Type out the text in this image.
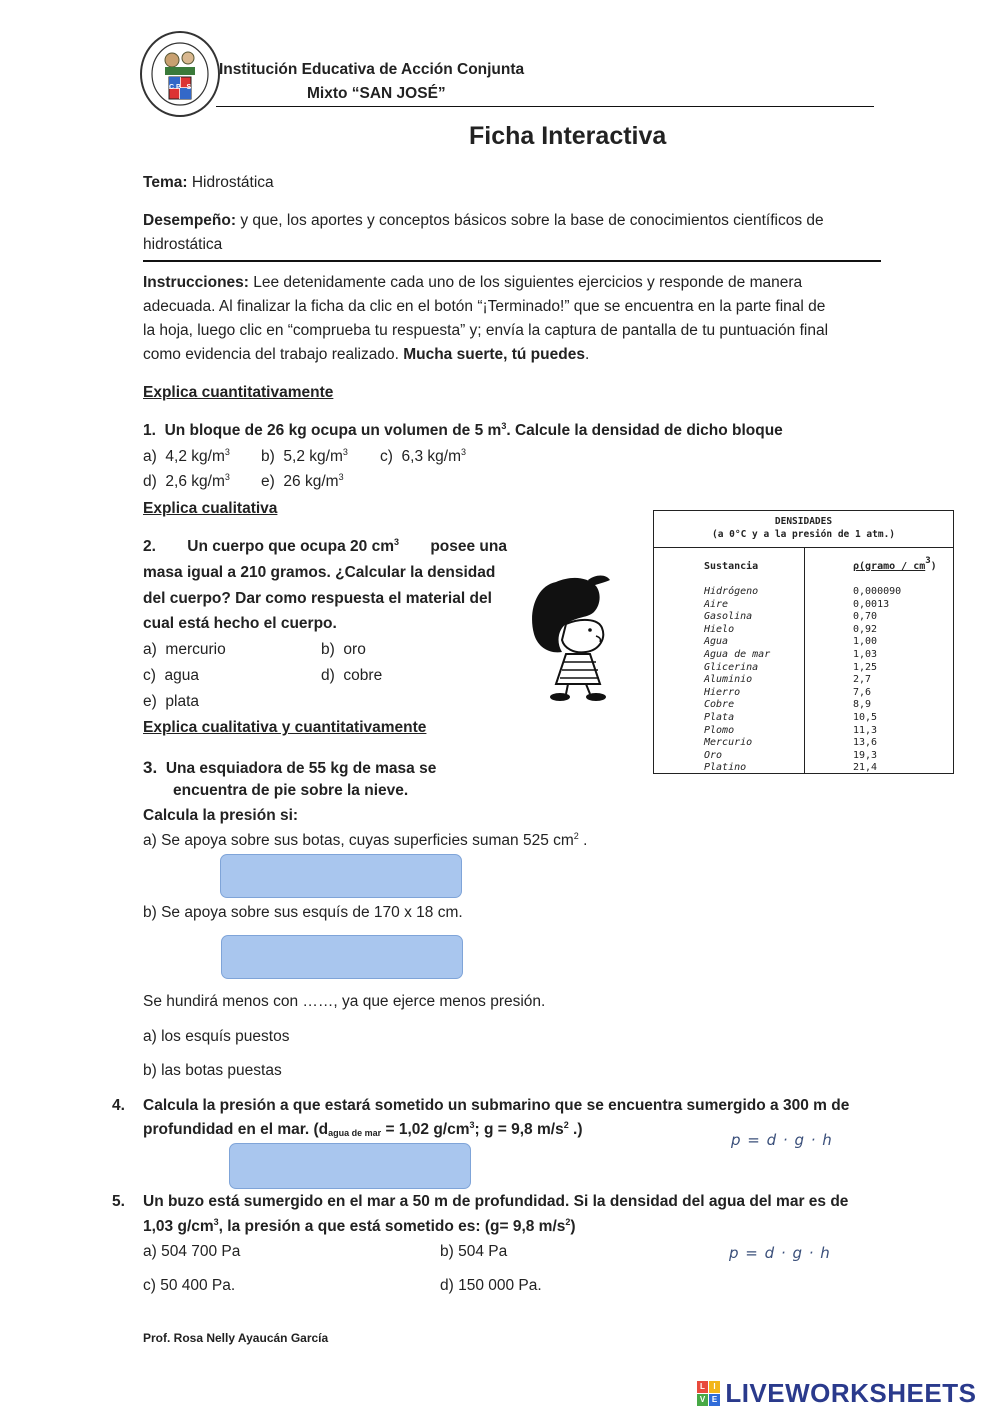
CP SJ
Institución Educativa de Acción Conjunta
Mixto “SAN JOSÉ”
JOSEPH MAGISTRI MAGISTER
ESTO NOBIS DUX	Ficha Interactiva
Tema: Hidrostática
Desempeño: y que, los aportes y conceptos básicos sobre la base de conocimientos científicos de
hidrostática
Instrucciones: Lee detenidamente cada uno de los siguientes ejercicios y responde de manera
adecuada. Al finalizar la ficha da clic en el botón “¡Terminado!” que se encuentra en la parte final de
la hoja, luego clic en “comprueba tu respuesta” y; envía la captura de pantalla de tu puntuación final
como evidencia del trabajo realizado. Mucha suerte, tú puedes.
Explica cuantitativamente
1. Un bloque de 26 kg ocupa un volumen de 5 $m^3$. Calcule la densidad de dicho bloque
a) 4,2 $kg/m^3$ b) 5,2 $kg/m^3$ c) 6,3 $kg/m^3$
d) 2,6 $kg/m^3$ e) 26 $kg/m^3$
Explica cualitativa
2. Un cuerpo que ocupa 20 $cm^3$ posee una
masa igual a 210 gramos. ¿Calcular la densidad
del cuerpo? Dar como respuesta el material del
cual está hecho el cuerpo.
a) mercurio	b) oro
c) agua	d) cobre
e) plata
DENSIDADES
(a 0°C y a la presión de 1 atm.)
Sustancia	ρ(gramo / $cm^3$)
Hidrógeno	0,000090
Aire	0,0013
Gasolina	0,70
Hielo	0,92
Agua	1,00
Agua de mar	1,03
Glicerina	1,25
Aluminio	2,7
Hierro	7,6
Cobre	8,9
Plata	10,5
Plomo	11,3
Mercurio	13,6
Oro	19,3
Platino	21,4
Explica cualitativa y cuantitativamente
3. Una esquiadora de 55 kg de masa se
encuentra de pie sobre la nieve.
Calcula la presión si:
a) Se apoya sobre sus botas, cuyas superficies suman 525 $cm^2$ .
b) Se apoya sobre sus esquís de 170 x 18 cm.
Se hundirá menos con ……, ya que ejerce menos presión.
a) los esquís puestos
b) las botas puestas
4. Calcula la presión a que estará sometido un submarino que se encuentra sumergido a 300 m de
profundidad en el mar. ($d_{agua de mar} = 1,02$ $g/cm^3$; g = 9,8 $m/s^2$ .)
p = d · g · h
5. Un buzo está sumergido en el mar a 50 m de profundidad. Si la densidad del agua del mar es de
1,03 $g/cm^3$, la presión a que está sometido es: (g= 9,8 $m/s^2$)
a) 504 700 Pa	b) 504 Pa	p = d · g · h
c) 50 400 Pa.	d) 150 000 Pa.
Prof. Rosa Nelly Ayaucán García
L	I
V E LIVEWORKSHEETS
